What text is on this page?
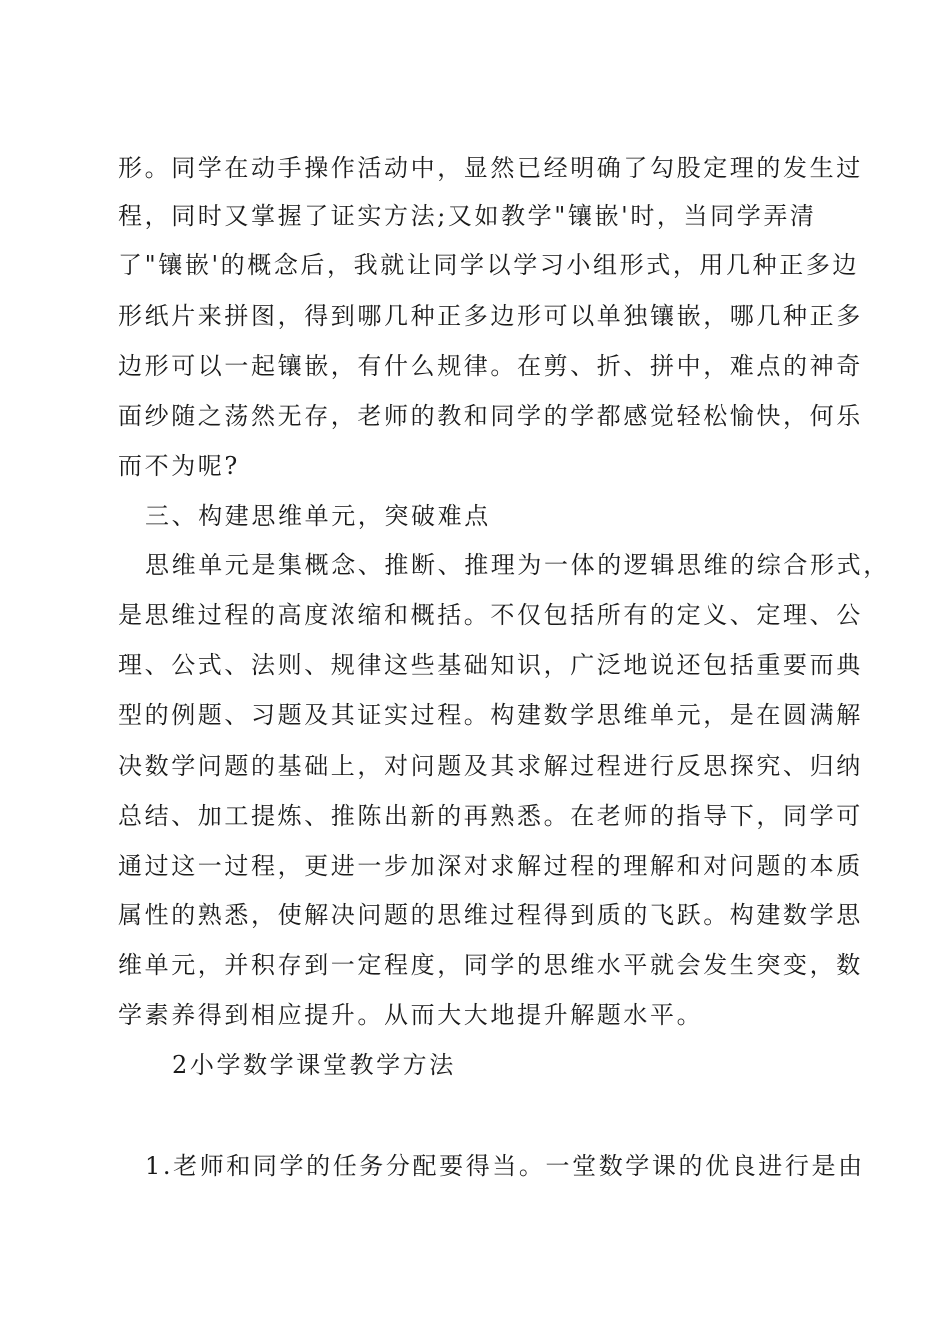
形。同学在动手操作活动中，显然已经明确了勾股定理的发生过
程，同时又掌握了证实方法;又如教学"镶嵌'时，当同学弄清
了"镶嵌'的概念后，我就让同学以学习小组形式，用几种正多边
形纸片来拼图，得到哪几种正多边形可以单独镶嵌，哪几种正多
边形可以一起镶嵌，有什么规律。在剪、折、拼中，难点的神奇
面纱随之荡然无存，老师的教和同学的学都感觉轻松愉快，何乐
而不为呢?
三、构建思维单元，突破难点
思维单元是集概念、推断、推理为一体的逻辑思维的综合形式，
是思维过程的高度浓缩和概括。不仅包括所有的定义、定理、公
理、公式、法则、规律这些基础知识，广泛地说还包括重要而典
型的例题、习题及其证实过程。构建数学思维单元，是在圆满解
决数学问题的基础上，对问题及其求解过程进行反思探究、归纳
总结、加工提炼、推陈出新的再熟悉。在老师的指导下，同学可
通过这一过程，更进一步加深对求解过程的理解和对问题的本质
属性的熟悉，使解决问题的思维过程得到质的飞跃。构建数学思
维单元，并积存到一定程度，同学的思维水平就会发生突变，数
学素养得到相应提升。从而大大地提升解题水平。
2小学数学课堂教学方法
1.老师和同学的任务分配要得当。一堂数学课的优良进行是由
